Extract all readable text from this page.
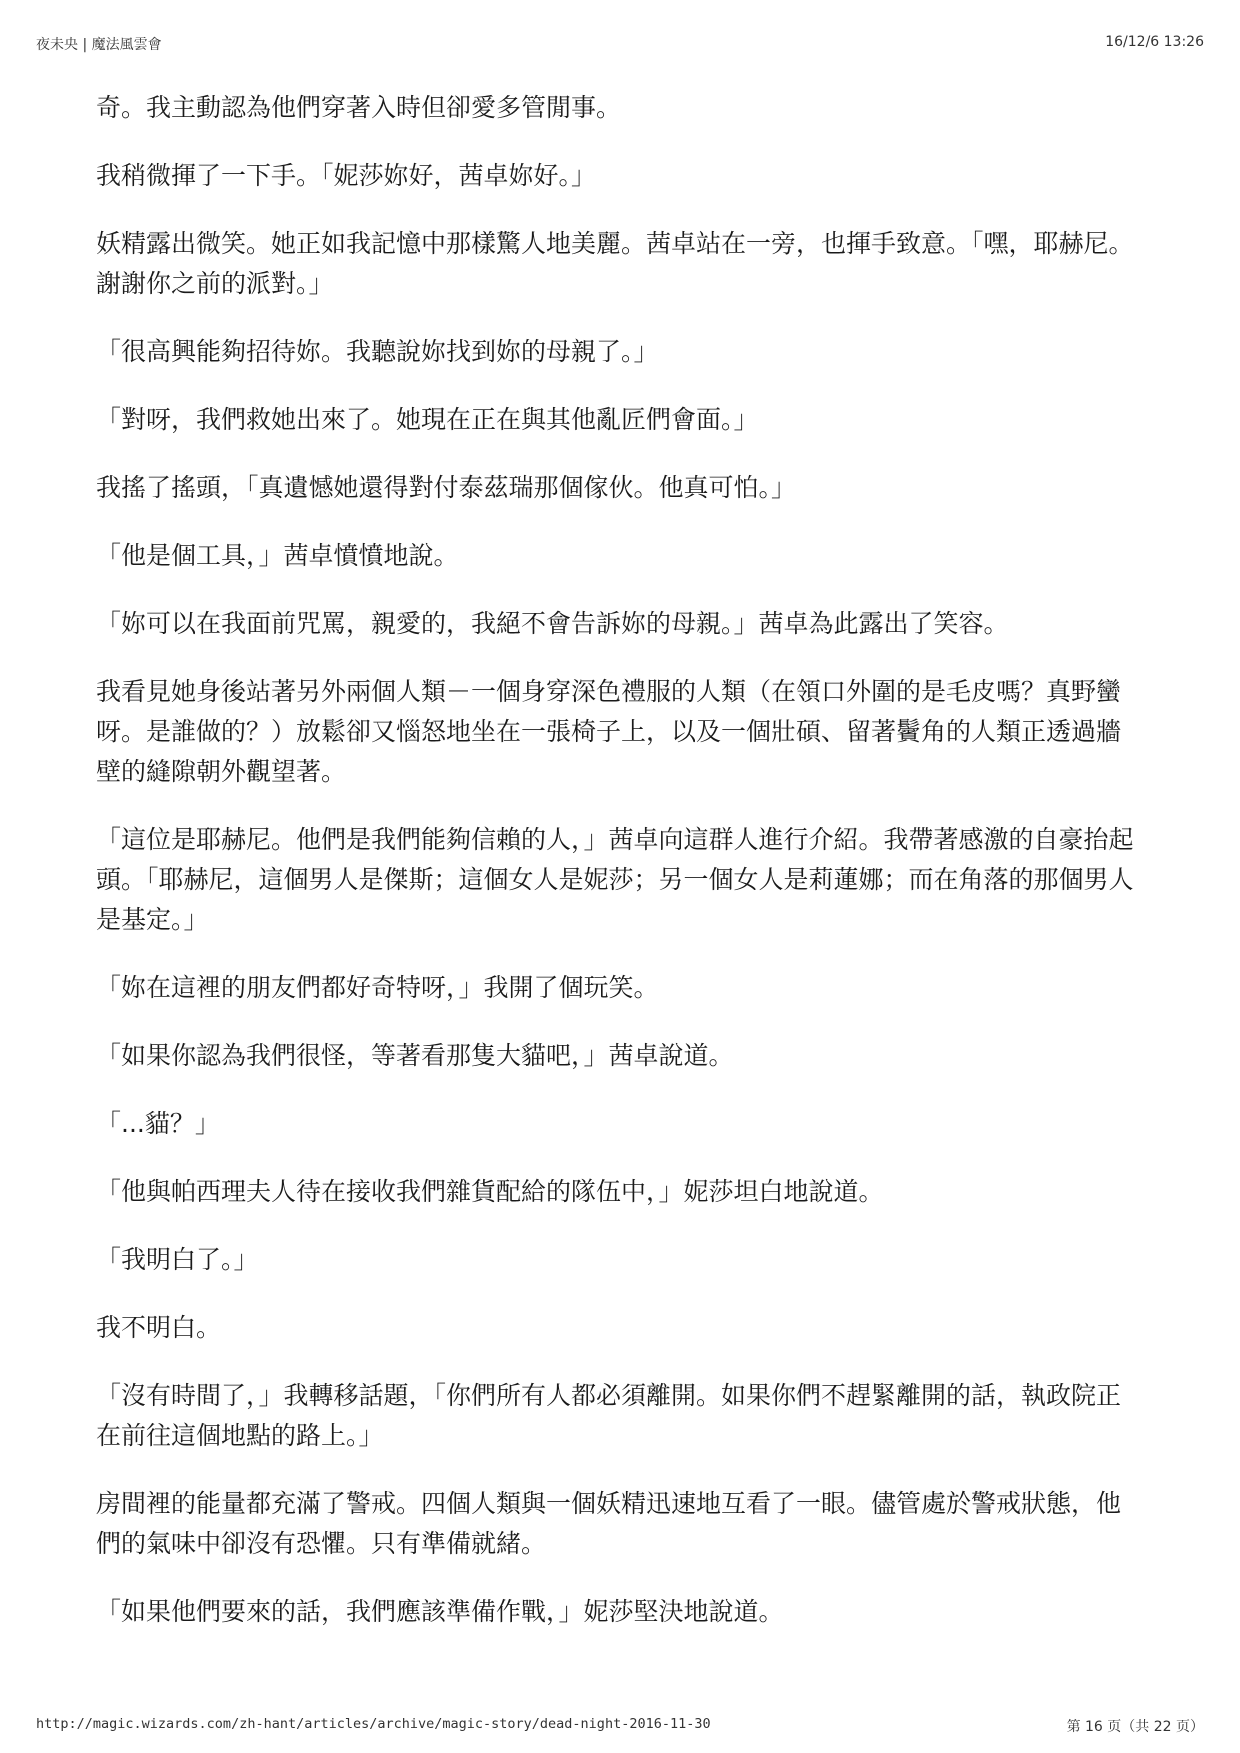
夜未央 | 魔法風雲會	16/12/6 13:26

奇。我主動認為他們穿著入時但卻愛多管閒事。

我稍微揮了一下手。「妮莎妳好，茜卓妳好。」

妖精露出微笑。她正如我記憶中那樣驚人地美麗。茜卓站在一旁，也揮手致意。「嘿，耶赫尼。謝謝你之前的派對。」

「很高興能夠招待妳。我聽說妳找到妳的母親了。」

「對呀，我們救她出來了。她現在正在與其他亂匠們會面。」

我搖了搖頭，「真遺憾她還得對付泰茲瑞那個傢伙。他真可怕。」

「他是個工具，」茜卓憤憤地說。

「妳可以在我面前咒罵，親愛的，我絕不會告訴妳的母親。」茜卓為此露出了笑容。

我看見她身後站著另外兩個人類－一個身穿深色禮服的人類（在領口外圍的是毛皮嗎？真野蠻呀。是誰做的？）放鬆卻又惱怒地坐在一張椅子上，以及一個壯碩、留著鬢角的人類正透過牆壁的縫隙朝外觀望著。

「這位是耶赫尼。他們是我們能夠信賴的人，」茜卓向這群人進行介紹。我帶著感激的自豪抬起頭。「耶赫尼，這個男人是傑斯；這個女人是妮莎；另一個女人是莉蓮娜；而在角落的那個男人是基定。」

「妳在這裡的朋友們都好奇特呀，」我開了個玩笑。

「如果你認為我們很怪，等著看那隻大貓吧，」茜卓說道。

「...貓？」

「他與帕西理夫人待在接收我們雜貨配給的隊伍中，」妮莎坦白地說道。

「我明白了。」

我不明白。

「沒有時間了，」我轉移話題，「你們所有人都必須離開。如果你們不趕緊離開的話，執政院正在前往這個地點的路上。」

房間裡的能量都充滿了警戒。四個人類與一個妖精迅速地互看了一眼。儘管處於警戒狀態，他們的氣味中卻沒有恐懼。只有準備就緒。

「如果他們要來的話，我們應該準備作戰，」妮莎堅決地說道。

http://magic.wizards.com/zh-hant/articles/archive/magic-story/dead-night-2016-11-30	第 16 页（共 22 页）
